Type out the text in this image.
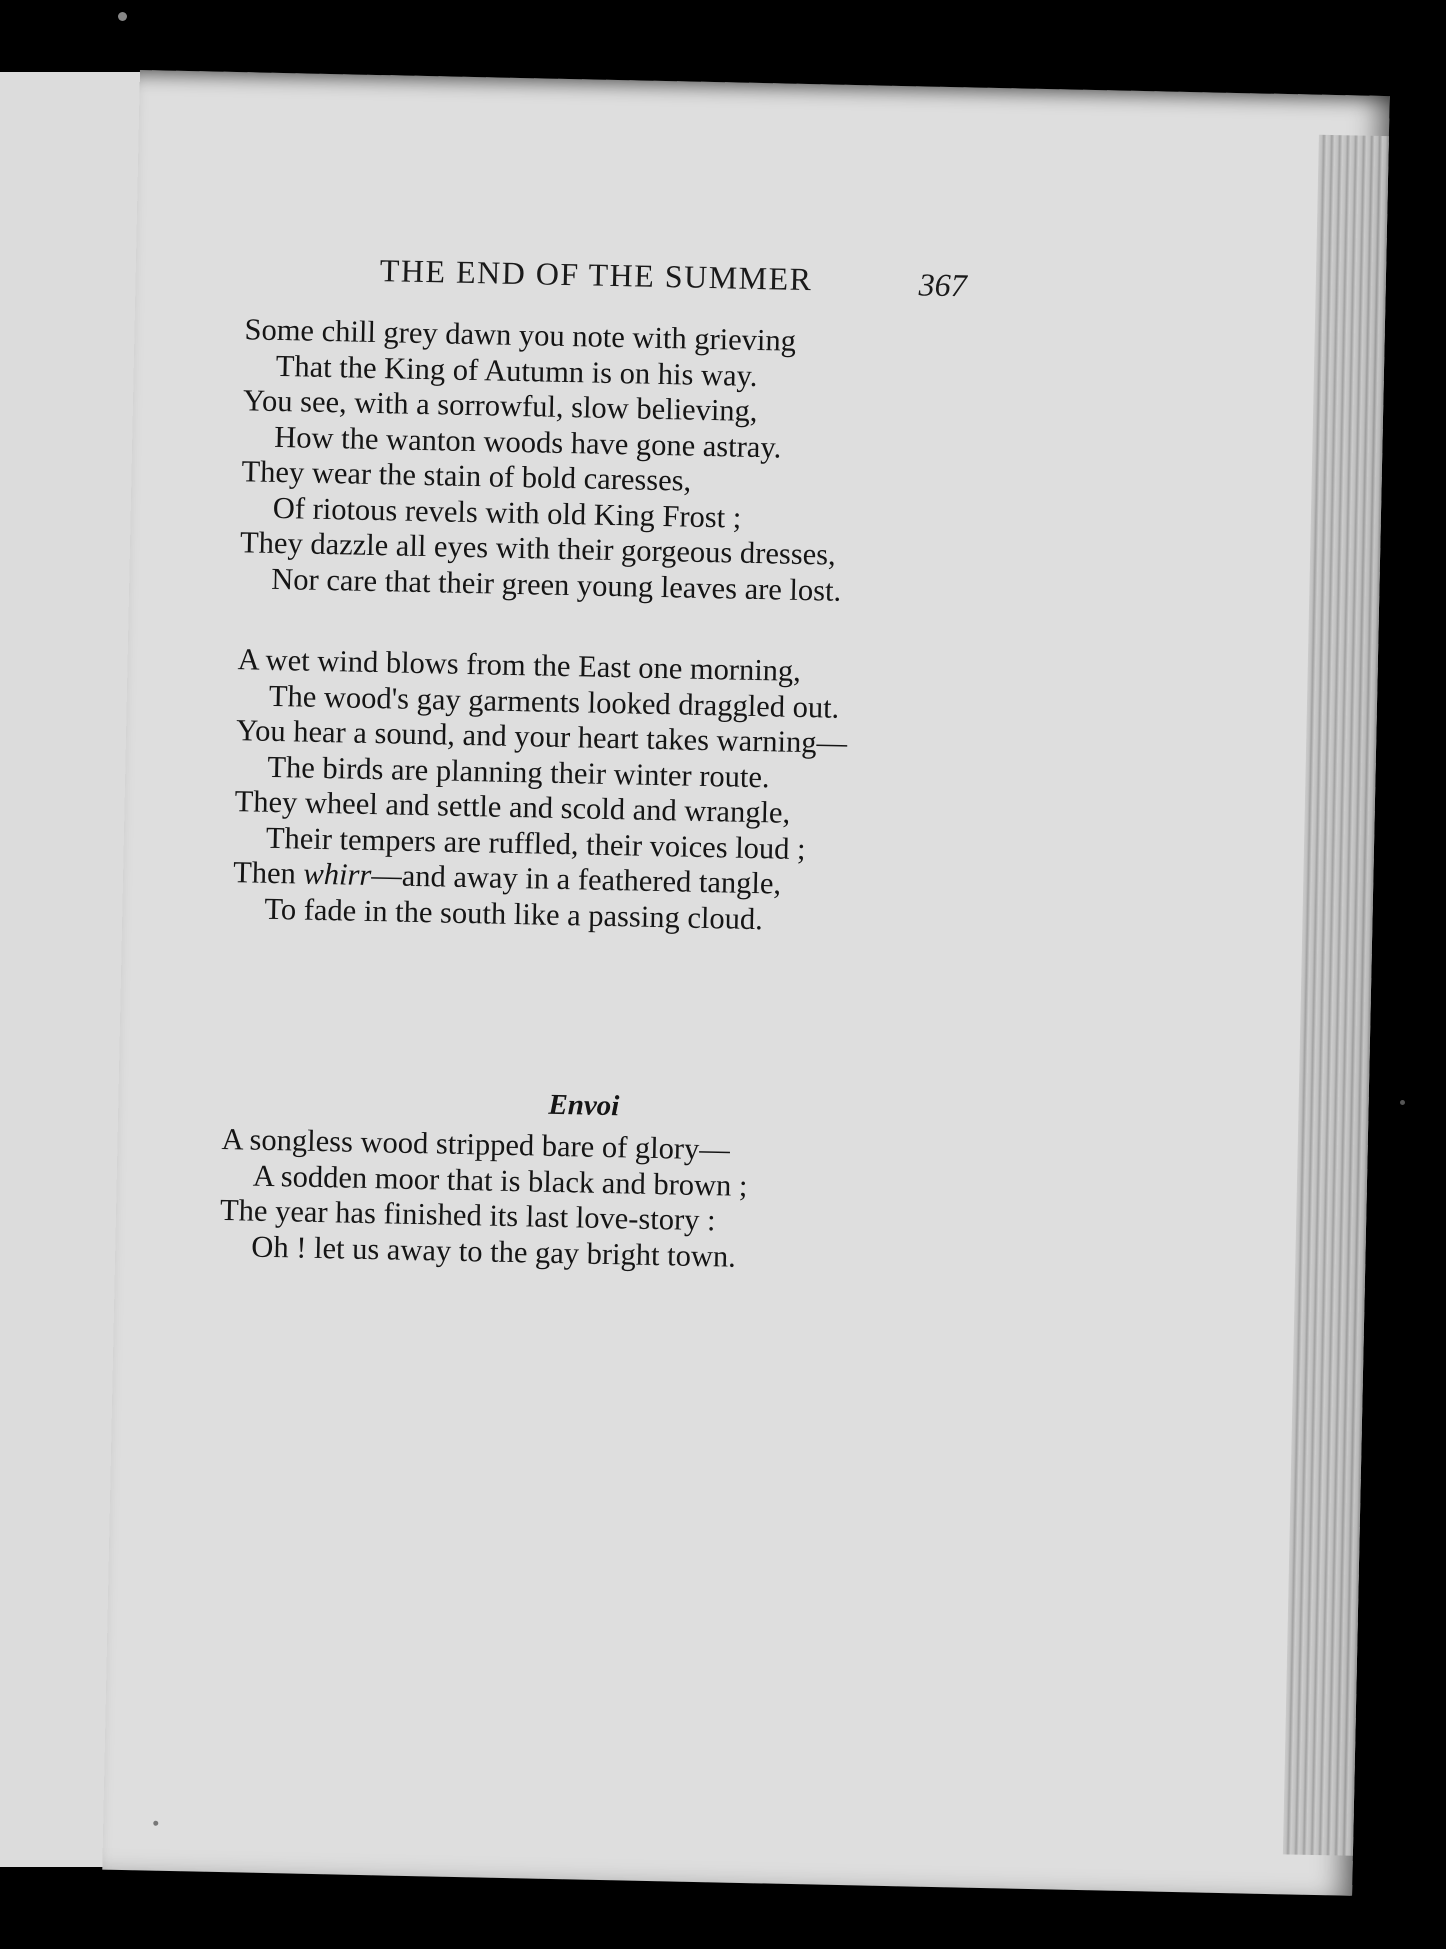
THE END OF THE SUMMER	367
Some chill grey dawn you note with grieving
That the King of Autumn is on his way.
You see, with a sorrowful, slow believing,
How the wanton woods have gone astray.
They wear the stain of bold caresses,
Of riotous revels with old King Frost ;
They dazzle all eyes with their gorgeous dresses,
Nor care that their green young leaves are lost.
A wet wind blows from the East one morning,
The wood's gay garments looked draggled out.
You hear a sound, and your heart takes warning—
The birds are planning their winter route.
They wheel and settle and scold and wrangle,
Their tempers are ruffled, their voices loud ;
Then whirr—and away in a feathered tangle,
To fade in the south like a passing cloud.
Envoi
A songless wood stripped bare of glory—
A sodden moor that is black and brown ;
The year has finished its last love-story :
Oh ! let us away to the gay bright town.
